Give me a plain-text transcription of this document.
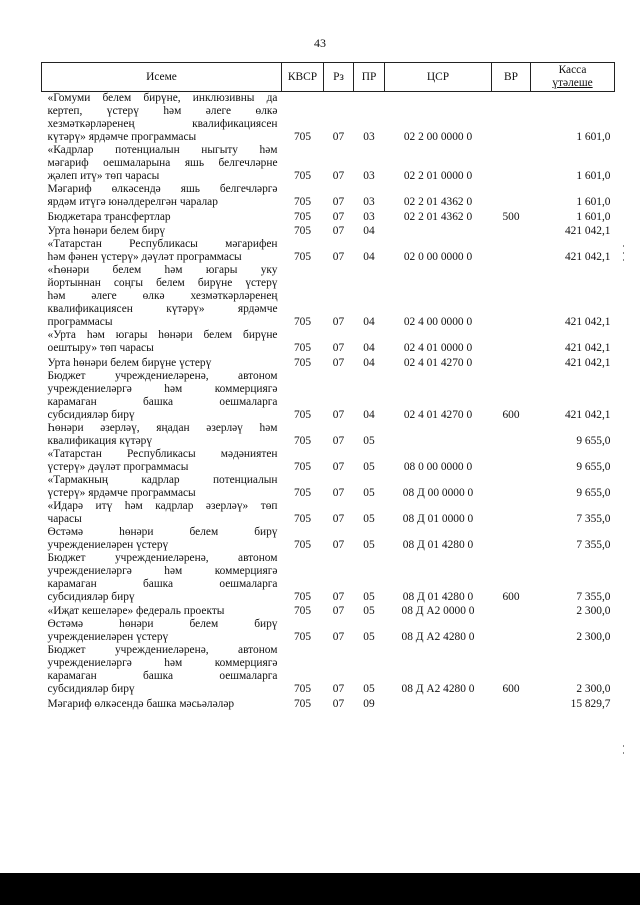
43
Исеме	КВСР	Рз	ПР	ЦСР	ВР	Касса
үтәлеше

«Гомуми белем бирүне, инклюзивны да
кертеп, үстерү һәм әлеге өлкә
хезмәткәрләренең квалификациясен
күтәрү» ярдәмче программасы	705	07	03	02 2 00 0000 0		1 601,0

«Кадрлар потенциалын ныгыту һәм
мәгариф оешмаларына яшь белгечләрне
җәлеп итү» төп чарасы	705	07	03	02 2 01 0000 0		1 601,0

Мәгариф өлкәсендә яшь белгечләргә
ярдәм итүгә юнәлдерелгән чаралар	705	07	03	02 2 01 4362 0		1 601,0

Бюджетара трансфертлар	705	07	03	02 2 01 4362 0	500	1 601,0

Урта һөнәри белем бирү	705	07	04			421 042,1

«Татарстан Республикасы мәгарифен
һәм фәнен үстерү» дәүләт программасы	705	07	04	02 0 00 0000 0		421 042,1

«Һөнәри белем һәм югары уку
йортыннан соңгы белем бирүне үстерү
һәм әлеге өлкә хезмәткәрләренең
квалификациясен күтәрү» ярдәмче
программасы	705	07	04	02 4 00 0000 0		421 042,1

«Урта һәм югары һөнәри белем бирүне
оештыру» төп чарасы	705	07	04	02 4 01 0000 0		421 042,1

Урта һөнәри белем бирүне үстерү	705	07	04	02 4 01 4270 0		421 042,1

Бюджет учреждениеләренә, автоном
учреждениеләргә һәм коммерциягә
карамаган башка оешмаларга
субсидияләр бирү	705	07	04	02 4 01 4270 0	600	421 042,1

Һөнәри әзерләү, яңадан әзерләү һәм
квалификация күтәрү	705	07	05			9 655,0

«Татарстан Республикасы мәдәниятен
үстерү» дәүләт программасы	705	07	05	08 0 00 0000 0		9 655,0

«Тармакның кадрлар потенциалын
үстерү» ярдәмче программасы	705	07	05	08 Д 00 0000 0		9 655,0

«Идарә итү һәм кадрлар әзерләү» төп
чарасы	705	07	05	08 Д 01 0000 0		7 355,0

Өстәмә һөнәри белем бирү
учреждениеләрен үстерү	705	07	05	08 Д 01 4280 0		7 355,0

Бюджет учреждениеләренә, автоном
учреждениеләргә һәм коммерциягә
карамаган башка оешмаларга
субсидияләр бирү	705	07	05	08 Д 01 4280 0	600	7 355,0

«Иҗат кешеләре» федераль проекты	705	07	05	08 Д А2 0000 0		2 300,0

Өстәмә һөнәри белем бирү
учреждениеләрен үстерү	705	07	05	08 Д А2 4280 0		2 300,0

Бюджет учреждениеләренә, автоном
учреждениеләргә һәм коммерциягә
карамаган башка оешмаларга
субсидияләр бирү	705	07	05	08 Д А2 4280 0	600	2 300,0

Мәгариф өлкәсендә башка мәсьәләләр	705	07	09			15 829,7
